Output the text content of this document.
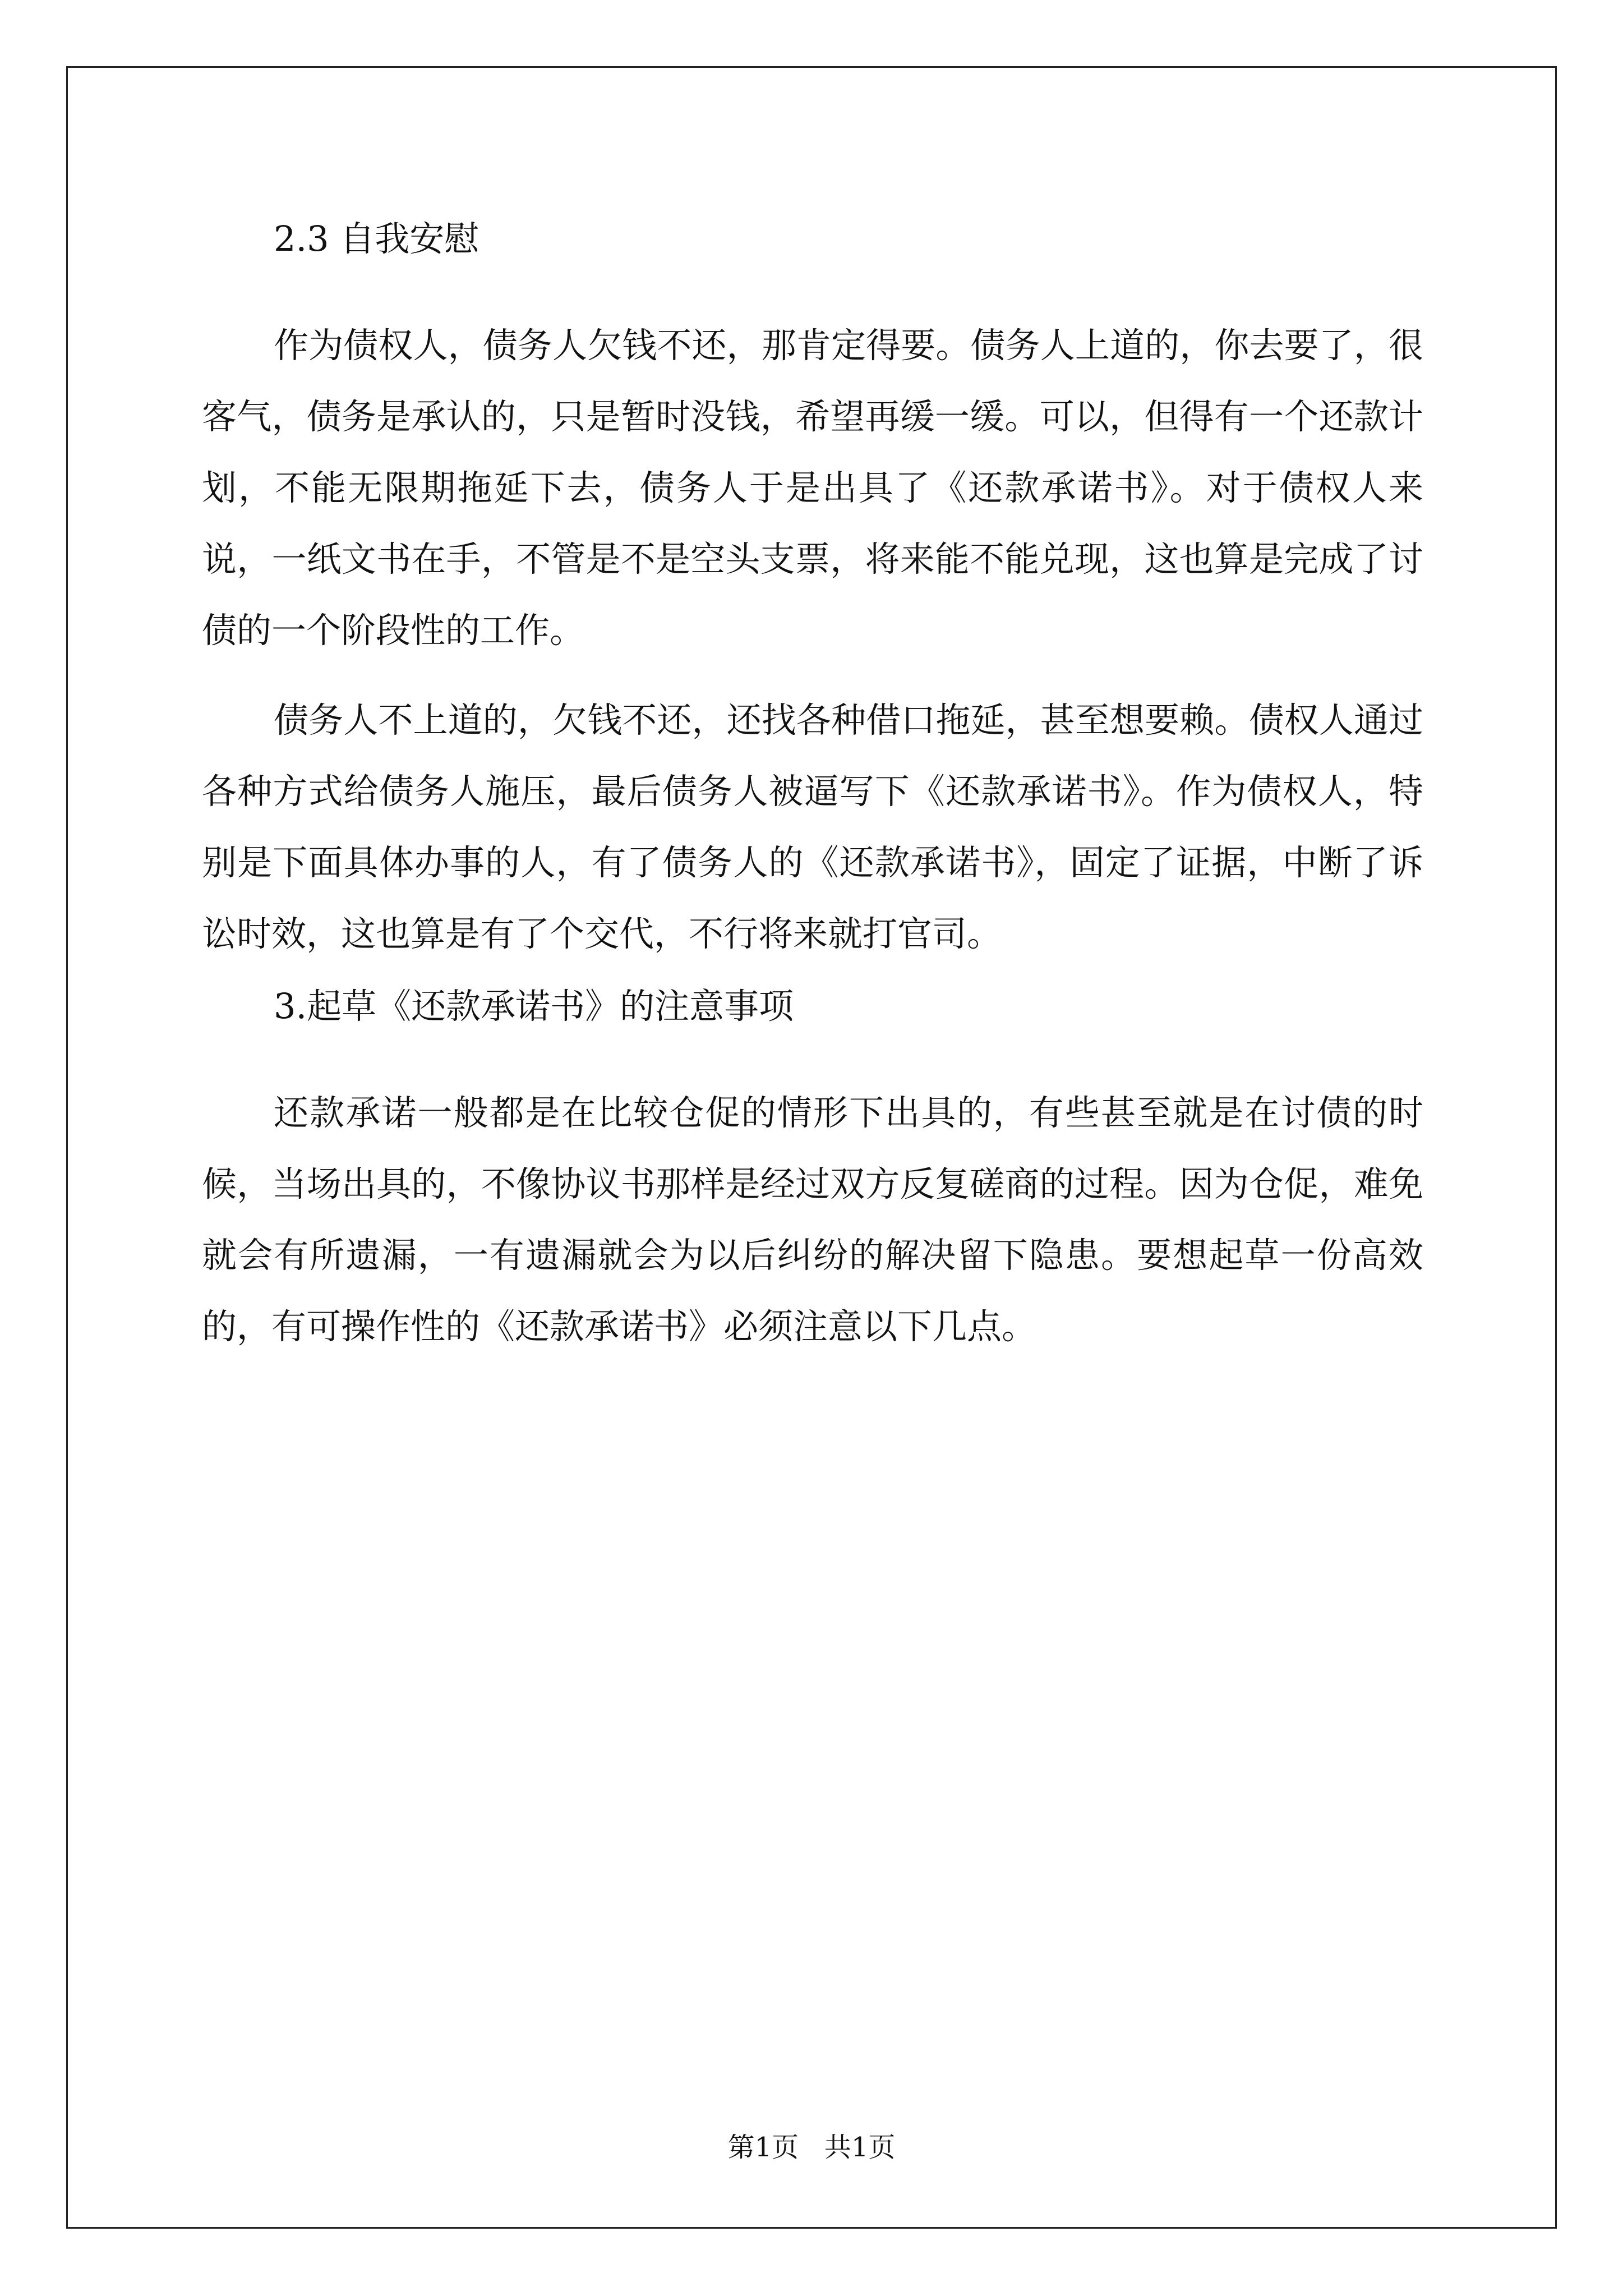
2.3 自我安慰

作为债权人，债务人欠钱不还，那肯定得要。债务人上道的，你去要了，很客气，债务是承认的，只是暂时没钱，希望再缓一缓。可以，但得有一个还款计划，不能无限期拖延下去，债务人于是出具了《还款承诺书》。对于债权人来说，一纸文书在手，不管是不是空头支票，将来能不能兑现，这也算是完成了讨债的一个阶段性的工作。

债务人不上道的，欠钱不还，还找各种借口拖延，甚至想要赖。债权人通过各种方式给债务人施压，最后债务人被逼写下《还款承诺书》。作为债权人，特别是下面具体办事的人，有了债务人的《还款承诺书》，固定了证据，中断了诉讼时效，这也算是有了个交代，不行将来就打官司。

3.起草《还款承诺书》的注意事项

还款承诺一般都是在比较仓促的情形下出具的，有些甚至就是在讨债的时候，当场出具的，不像协议书那样是经过双方反复磋商的过程。因为仓促，难免就会有所遗漏，一有遗漏就会为以后纠纷的解决留下隐患。要想起草一份高效的，有可操作性的《还款承诺书》必须注意以下几点。

第1页   共1页
